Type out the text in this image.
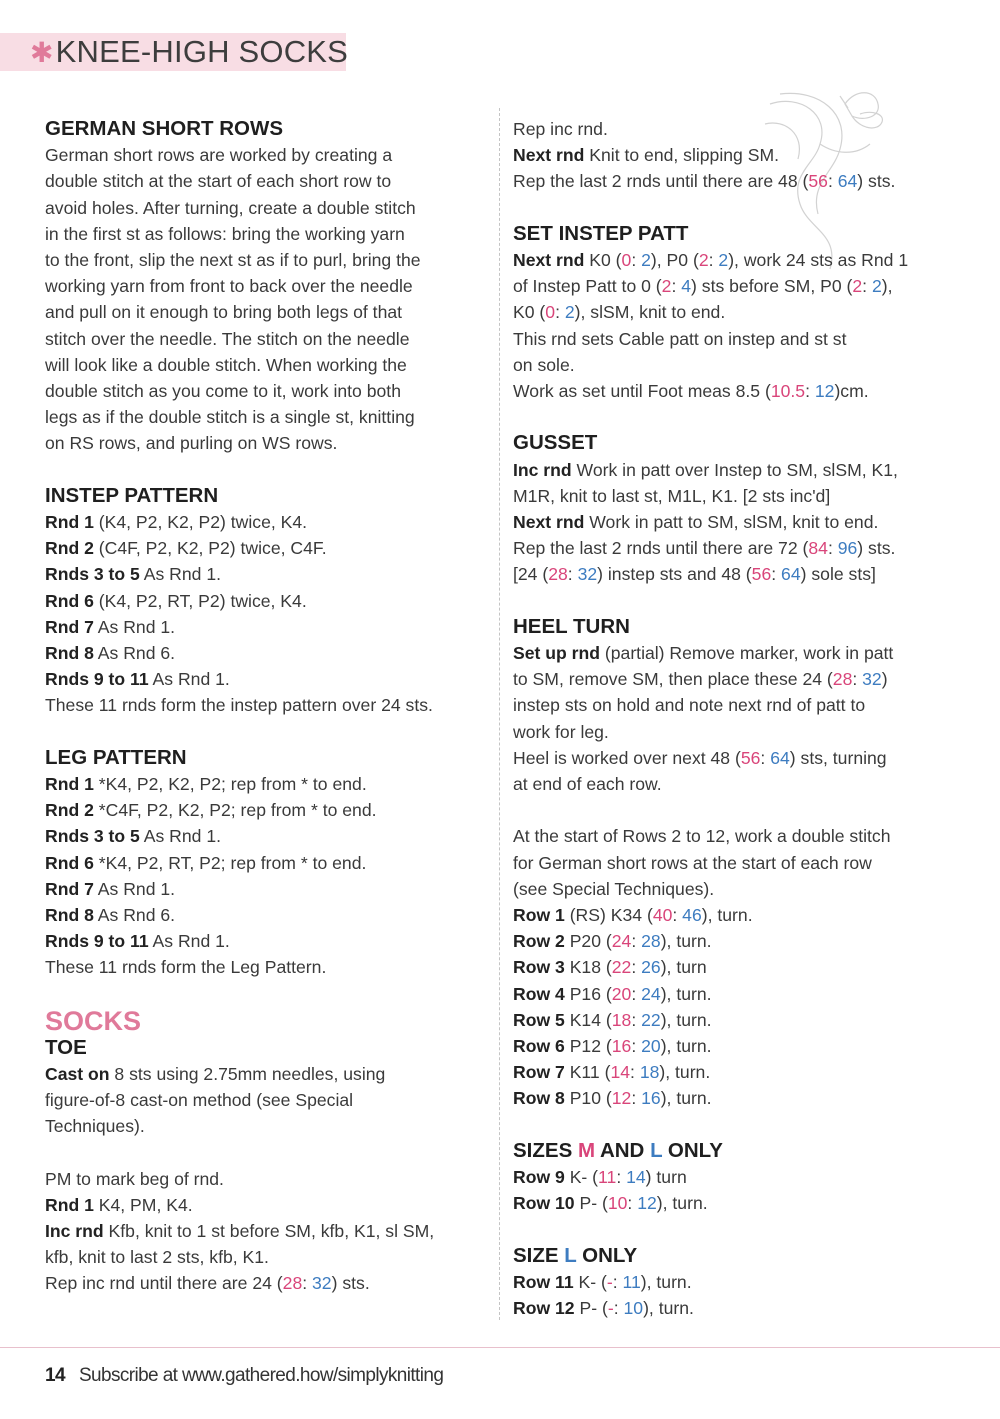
✱KNEE-HIGH SOCKS
GERMAN SHORT ROWS
German short rows are worked by creating a
double stitch at the start of each short row to
avoid holes. After turning, create a double stitch
in the first st as follows: bring the working yarn
to the front, slip the next st as if to purl, bring the
working yarn from front to back over the needle
and pull on it enough to bring both legs of that
stitch over the needle. The stitch on the needle
will look like a double stitch. When working the
double stitch as you come to it, work into both
legs as if the double stitch is a single st, knitting
on RS rows, and purling on WS rows.
INSTEP PATTERN
Rnd 1 (K4, P2, K2, P2) twice, K4.
Rnd 2 (C4F, P2, K2, P2) twice, C4F.
Rnds 3 to 5 As Rnd 1.
Rnd 6 (K4, P2, RT, P2) twice, K4.
Rnd 7 As Rnd 1.
Rnd 8 As Rnd 6.
Rnds 9 to 11 As Rnd 1.
These 11 rnds form the instep pattern over 24 sts.
LEG PATTERN
Rnd 1 *K4, P2, K2, P2; rep from * to end.
Rnd 2 *C4F, P2, K2, P2; rep from * to end.
Rnds 3 to 5 As Rnd 1.
Rnd 6 *K4, P2, RT, P2; rep from * to end.
Rnd 7 As Rnd 1.
Rnd 8 As Rnd 6.
Rnds 9 to 11 As Rnd 1.
These 11 rnds form the Leg Pattern.
SOCKS
TOE
Cast on 8 sts using 2.75mm needles, using
figure-of-8 cast-on method (see Special
Techniques).
PM to mark beg of rnd.
Rnd 1 K4, PM, K4.
Inc rnd Kfb, knit to 1 st before SM, kfb, K1, sl SM,
kfb, knit to last 2 sts, kfb, K1.
Rep inc rnd until there are 24 (28: 32) sts.
Rep inc rnd.
Next rnd Knit to end, slipping SM.
Rep the last 2 rnds until there are 48 (56: 64) sts.
SET INSTEP PATT
Next rnd K0 (0: 2), P0 (2: 2), work 24 sts as Rnd 1
of Instep Patt to 0 (2: 4) sts before SM, P0 (2: 2),
K0 (0: 2), slSM, knit to end.
This rnd sets Cable patt on instep and st st
on sole.
Work as set until Foot meas 8.5 (10.5: 12)cm.
GUSSET
Inc rnd Work in patt over Instep to SM, slSM, K1,
M1R, knit to last st, M1L, K1. [2 sts inc'd]
Next rnd Work in patt to SM, slSM, knit to end.
Rep the last 2 rnds until there are 72 (84: 96) sts.
[24 (28: 32) instep sts and 48 (56: 64) sole sts]
HEEL TURN
Set up rnd (partial) Remove marker, work in patt
to SM, remove SM, then place these 24 (28: 32)
instep sts on hold and note next rnd of patt to
work for leg.
Heel is worked over next 48 (56: 64) sts, turning
at end of each row.
At the start of Rows 2 to 12, work a double stitch
for German short rows at the start of each row
(see Special Techniques).
Row 1 (RS) K34 (40: 46), turn.
Row 2 P20 (24: 28), turn.
Row 3 K18 (22: 26), turn
Row 4 P16 (20: 24), turn.
Row 5 K14 (18: 22), turn.
Row 6 P12 (16: 20), turn.
Row 7 K11 (14: 18), turn.
Row 8 P10 (12: 16), turn.
SIZES M AND L ONLY
Row 9 K- (11: 14) turn
Row 10 P- (10: 12), turn.
SIZE L ONLY
Row 11 K- (-: 11), turn.
Row 12 P- (-: 10), turn.
14 Subscribe at www.gathered.how/simplyknitting
